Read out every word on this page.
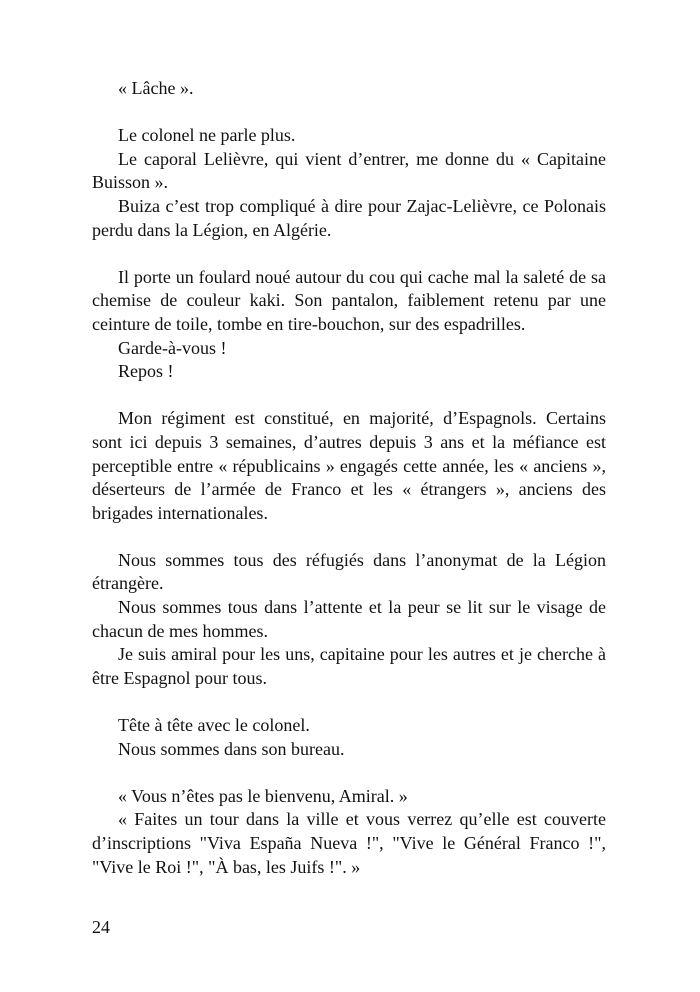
« Lâche ».

Le colonel ne parle plus.

Le caporal Lelièvre, qui vient d’entrer, me donne du « Capitaine Buisson ».

Buiza c’est trop compliqué à dire pour Zajac-Lelièvre, ce Polonais perdu dans la Légion, en Algérie.

Il porte un foulard noué autour du cou qui cache mal la saleté de sa chemise de couleur kaki. Son pantalon, faiblement retenu par une ceinture de toile, tombe en tire-bouchon, sur des espadrilles.

Garde-à-vous !

Repos !

Mon régiment est constitué, en majorité, d’Espagnols. Certains sont ici depuis 3 semaines, d’autres depuis 3 ans et la méfiance est perceptible entre « républicains » engagés cette année, les « anciens », déserteurs de l’armée de Franco et les « étrangers », anciens des brigades internationales.

Nous sommes tous des réfugiés dans l’anonymat de la Légion étrangère.

Nous sommes tous dans l’attente et la peur se lit sur le visage de chacun de mes hommes.

Je suis amiral pour les uns, capitaine pour les autres et je cherche à être Espagnol pour tous.

Tête à tête avec le colonel.

Nous sommes dans son bureau.

« Vous n’êtes pas le bienvenu, Amiral. »

« Faites un tour dans la ville et vous verrez qu’elle est couverte d’inscriptions "Viva España Nueva !", "Vive le Général Franco !", "Vive le Roi !", "À bas, les Juifs !". »

24
